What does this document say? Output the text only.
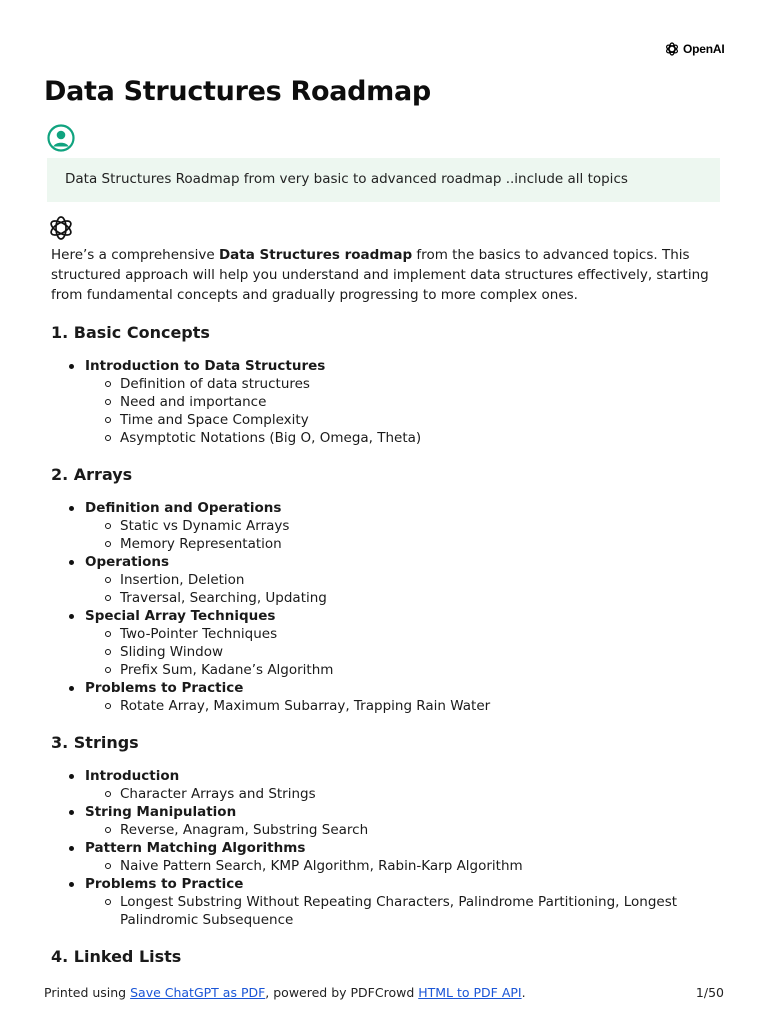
OpenAI
Data Structures Roadmap
Data Structures Roadmap from very basic to advanced roadmap ..include all topics

Here’s a comprehensive Data Structures roadmap from the basics to advanced topics. This structured approach will help you understand and implement data structures effectively, starting from fundamental concepts and gradually progressing to more complex ones.

1. Basic Concepts
Introduction to Data Structures
Definition of data structures
Need and importance
Time and Space Complexity
Asymptotic Notations (Big O, Omega, Theta)
2. Arrays
Definition and Operations
Static vs Dynamic Arrays
Memory Representation
Operations
Insertion, Deletion
Traversal, Searching, Updating
Special Array Techniques
Two-Pointer Techniques
Sliding Window
Prefix Sum, Kadane’s Algorithm
Problems to Practice
Rotate Array, Maximum Subarray, Trapping Rain Water
3. Strings
Introduction
Character Arrays and Strings
String Manipulation
Reverse, Anagram, Substring Search
Pattern Matching Algorithms
Naive Pattern Search, KMP Algorithm, Rabin-Karp Algorithm
Problems to Practice
Longest Substring Without Repeating Characters, Palindrome Partitioning, Longest Palindromic Subsequence
4. Linked Lists
Printed using Save ChatGPT as PDF, powered by PDFCrowd HTML to PDF API.	1/50
